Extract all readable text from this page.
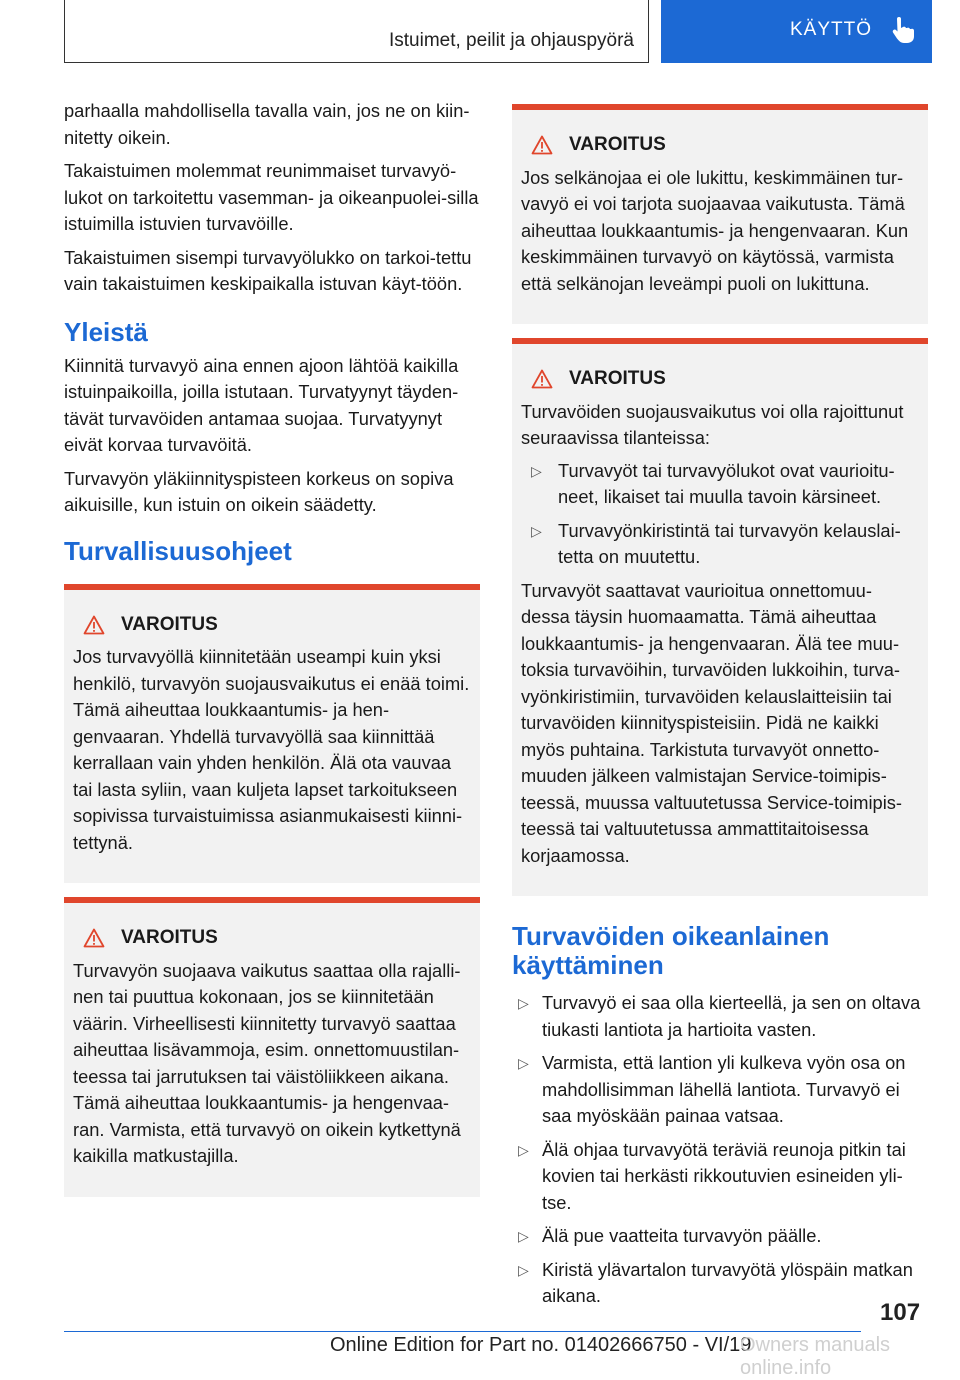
Istuimet, peilit ja ohjauspyörä
KÄYTTÖ

parhaalla mahdollisella tavalla vain, jos ne on kiin-nitetty oikein.

Takaistuimen molemmat reunimmaiset turvavyö-lukot on tarkoitettu vasemman- ja oikeanpuolei-silla istuimilla istuvien turvavöille.

Takaistuimen sisempi turvavyölukko on tarkoi-tettu vain takaistuimen keskipaikalla istuvan käyt-töön.

Yleistä

Kiinnitä turvavyö aina ennen ajoon lähtöä kaikilla istuinpaikoilla, joilla istutaan. Turvatyynyt täyden-tävät turvavöiden antamaa suojaa. Turvatyynyt eivät korvaa turvavöitä.

Turvavyön yläkiinnityspisteen korkeus on sopiva aikuisille, kun istuin on oikein säädetty.

Turvallisuusohjeet
VAROITUS

Jos turvavyöllä kiinnitetään useampi kuin yksi henkilö, turvavyön suojausvaikutus ei enää toimi. Tämä aiheuttaa loukkaantumis- ja hen-genvaaran. Yhdellä turvavyöllä saa kiinnittää kerrallaan vain yhden henkilön. Älä ota vauvaa tai lasta syliin, vaan kuljeta lapset tarkoitukseen sopivissa turvaistuimissa asianmukaisesti kiinni-tettynä.

VAROITUS

Turvavyön suojaava vaikutus saattaa olla rajalli-nen tai puuttua kokonaan, jos se kiinnitetään väärin. Virheellisesti kiinnitetty turvavyö saattaa aiheuttaa lisävammoja, esim. onnettomuustilan-teessa tai jarrutuksen tai väistöliikkeen aikana. Tämä aiheuttaa loukkaantumis- ja hengenvaa-ran. Varmista, että turvavyö on oikein kytkettynä kaikilla matkustajilla.

VAROITUS

Jos selkänojaa ei ole lukittu, keskimmäinen tur-vavyö ei voi tarjota suojaavaa vaikutusta. Tämä aiheuttaa loukkaantumis- ja hengenvaaran. Kun keskimmäinen turvavyö on käytössä, varmista että selkänojan leveämpi puoli on lukittuna.

VAROITUS

Turvavöiden suojausvaikutus voi olla rajoittunut seuraavissa tilanteissa:

▷ Turvavyöt tai turvavyölukot ovat vaurioitu-neet, likaiset tai muulla tavoin kärsineet.
▷ Turvavyönkiristintä tai turvavyön kelauslai-tetta on muutettu.

Turvavyöt saattavat vaurioitua onnettomuu-dessa täysin huomaamatta. Tämä aiheuttaa loukkaantumis- ja hengenvaaran. Älä tee muu-toksia turvavöihin, turvavöiden lukkoihin, turva-vyönkiristimiin, turvavöiden kelauslaitteisiin tai turvavöiden kiinnityspisteisiin. Pidä ne kaikki myös puhtaina. Tarkistuta turvavyöt onnetto-muuden jälkeen valmistajan Service-toimipis-teessä, muussa valtuutetussa Service-toimipis-teessä tai valtuutetussa ammattitaitoisessa korjaamossa.

Turvavöiden oikeanlainen käyttäminen
▷ Turvavyö ei saa olla kierteellä, ja sen on oltava tiukasti lantiota ja hartioita vasten.
▷ Varmista, että lantion yli kulkeva vyön osa on mahdollisimman lähellä lantiota. Turvavyö ei saa myöskään painaa vatsaa.
▷ Älä ohjaa turvavyötä teräviä reunoja pitkin tai kovien tai herkästi rikkoutuvien esineiden yli-tse.
▷ Älä pue vaatteita turvavyön päälle.
▷ Kiristä ylävartalon turvavyötä ylöspäin matkan aikana.
107
Online Edition for Part no. 01402666750 - VI/19
Owners manuals online.info
